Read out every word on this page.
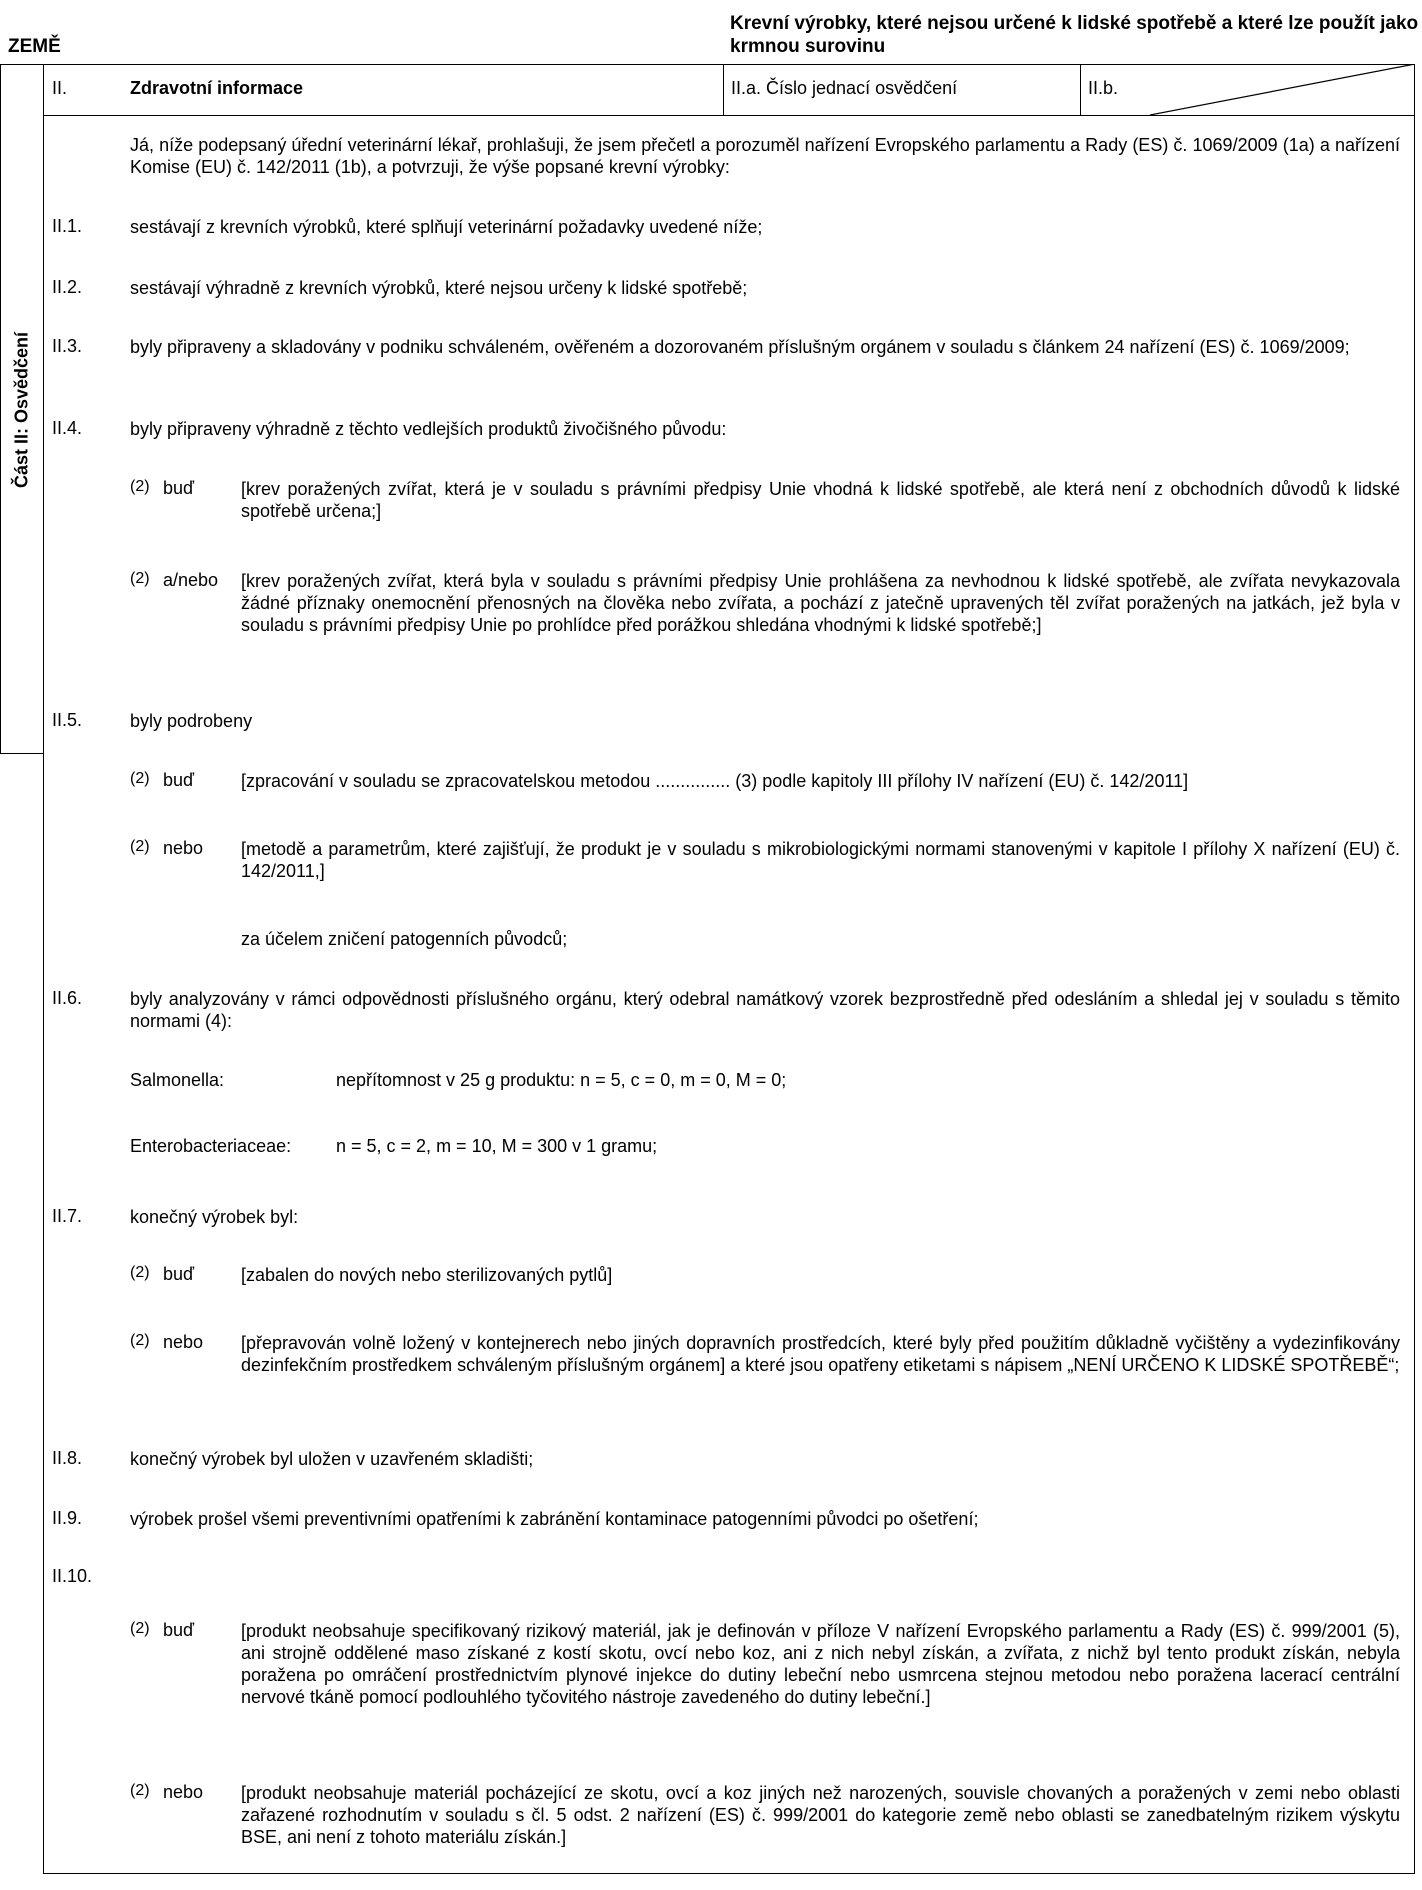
ZEMĚ
Krevní výrobky, které nejsou určené k lidské spotřebě a které lze použít jako krmnou surovinu
Část II: Osvědčení
II.	Zdravotní informace	II.a. Číslo jednací osvědčení	II.b.
Já, níže podepsaný úřední veterinární lékař, prohlašuji, že jsem přečetl a porozuměl nařízení Evropského parlamentu a Rady (ES) č. 1069/2009 (1a) a nařízení Komise (EU) č. 142/2011 (1b), a potvrzuji, že výše popsané krevní výrobky:
II.1.	sestávají z krevních výrobků, které splňují veterinární požadavky uvedené níže;
II.2.	sestávají výhradně z krevních výrobků, které nejsou určeny k lidské spotřebě;
II.3.	byly připraveny a skladovány v podniku schváleném, ověřeném a dozorovaném příslušným orgánem v souladu s článkem 24 nařízení (ES) č. 1069/2009;
II.4.	byly připraveny výhradně z těchto vedlejších produktů živočišného původu:
(2) buď	[krev poražených zvířat, která je v souladu s právními předpisy Unie vhodná k lidské spotřebě, ale která není z obchodních důvodů k lidské spotřebě určena;]
(2) a/nebo [krev poražených zvířat, která byla v souladu s právními předpisy Unie prohlášena za nevhodnou k lidské spotřebě, ale zvířata nevykazovala žádné příznaky onemocnění přenosných na člověka nebo zvířata, a pochází z jatečně upravených těl zvířat poražených na jatkách, jež byla v souladu s právními předpisy Unie po prohlídce před porážkou shledána vhodnými k lidské spotřebě;]
II.5.	byly podrobeny
(2) buď	[zpracování v souladu se zpracovatelskou metodou ............... (3) podle kapitoly III přílohy IV nařízení (EU) č. 142/2011]
(2) nebo [metodě a parametrům, které zajišťují, že produkt je v souladu s mikrobiologickými normami stanovenými v kapitole I přílohy X nařízení (EU) č. 142/2011,]
za účelem zničení patogenních původců;
II.6.	byly analyzovány v rámci odpovědnosti příslušného orgánu, který odebral namátkový vzorek bezprostředně před odesláním a shledal jej v souladu s těmito normami (4):
Salmonella:	nepřítomnost v 25 g produktu: n = 5, c = 0, m = 0, M = 0;
Enterobacteriaceae: n = 5, c = 2, m = 10, M = 300 v 1 gramu;
II.7.	konečný výrobek byl:
(2) buď	[zabalen do nových nebo sterilizovaných pytlů]
(2) nebo [přepravován volně ložený v kontejnerech nebo jiných dopravních prostředcích, které byly před použitím důkladně vyčištěny a vydezinfikovány dezinfekčním prostředkem schváleným příslušným orgánem] a které jsou opatřeny etiketami s nápisem „NENÍ URČENO K LIDSKÉ SPOTŘEBĚ“;
II.8.	konečný výrobek byl uložen v uzavřeném skladišti;
II.9.	výrobek prošel všemi preventivními opatřeními k zabránění kontaminace patogenními původci po ošetření;
II.10.
(2) buď	[produkt neobsahuje specifikovaný rizikový materiál, jak je definován v příloze V nařízení Evropského parlamentu a Rady (ES) č. 999/2001 (5), ani strojně oddělené maso získané z kostí skotu, ovcí nebo koz, ani z nich nebyl získán, a zvířata, z nichž byl tento produkt získán, nebyla poražena po omráčení prostřednictvím plynové injekce do dutiny lebeční nebo usmrcena stejnou metodou nebo poražena lacerací centrální nervové tkáně pomocí podlouhlého tyčovitého nástroje zavedeného do dutiny lebeční.]
(2) nebo [produkt neobsahuje materiál pocházející ze skotu, ovcí a koz jiných než narozených, souvisle chovaných a poražených v zemi nebo oblasti zařazené rozhodnutím v souladu s čl. 5 odst. 2 nařízení (ES) č. 999/2001 do kategorie země nebo oblasti se zanedbatelným rizikem výskytu BSE, ani není z tohoto materiálu získán.]
